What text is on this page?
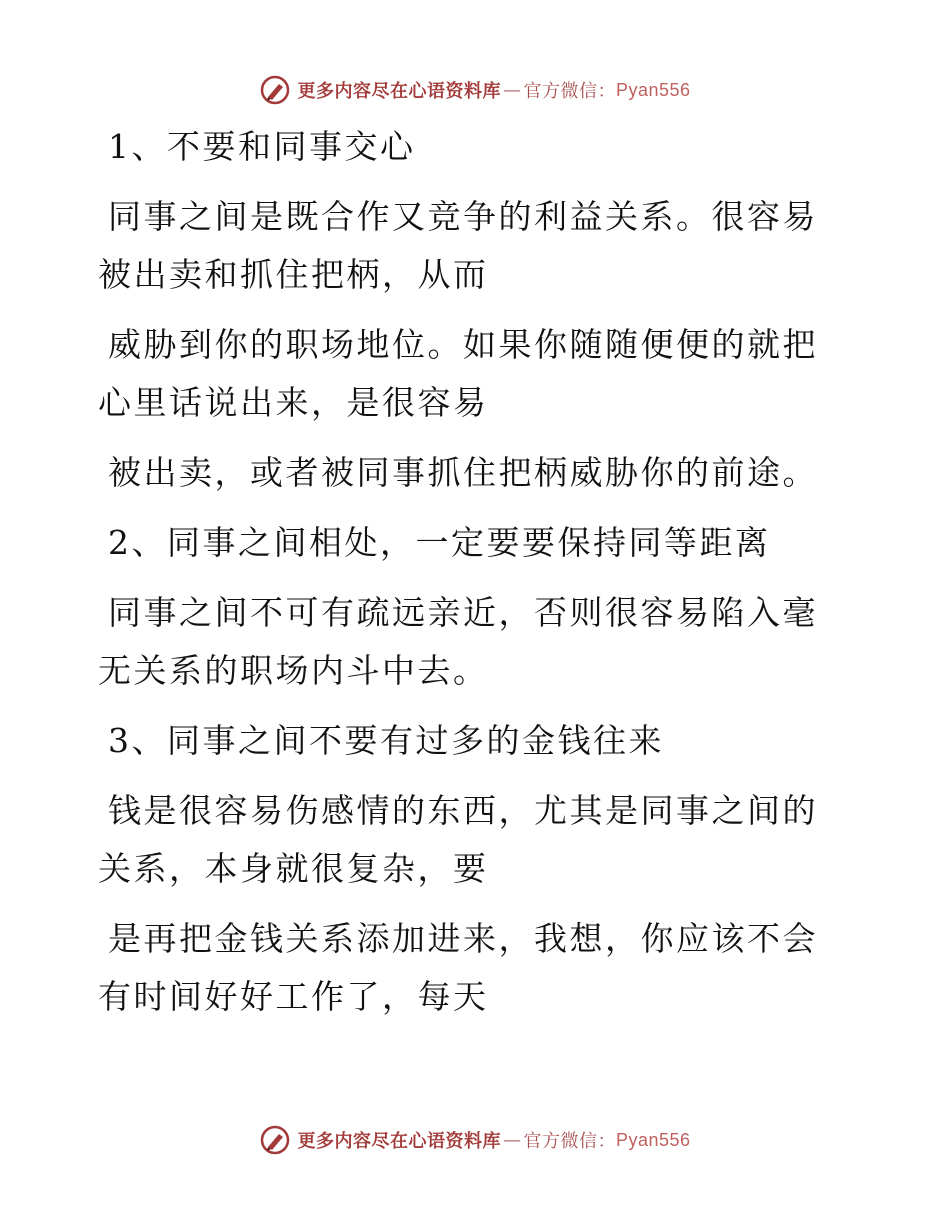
更多内容尽在心语资料库 — 官方微信： Pyan556

1、不要和同事交心

同事之间是既合作又竞争的利益关系。很容易被出卖和抓住把柄，从而

威胁到你的职场地位。如果你随随便便的就把心里话说出来，是很容易

被出卖，或者被同事抓住把柄威胁你的前途。

2、同事之间相处，一定要要保持同等距离

同事之间不可有疏远亲近，否则很容易陷入毫无关系的职场内斗中去。

3、同事之间不要有过多的金钱往来

钱是很容易伤感情的东西，尤其是同事之间的关系，本身就很复杂，要

是再把金钱关系添加进来，我想，你应该不会有时间好好工作了，每天

更多内容尽在心语资料库 — 官方微信： Pyan556
